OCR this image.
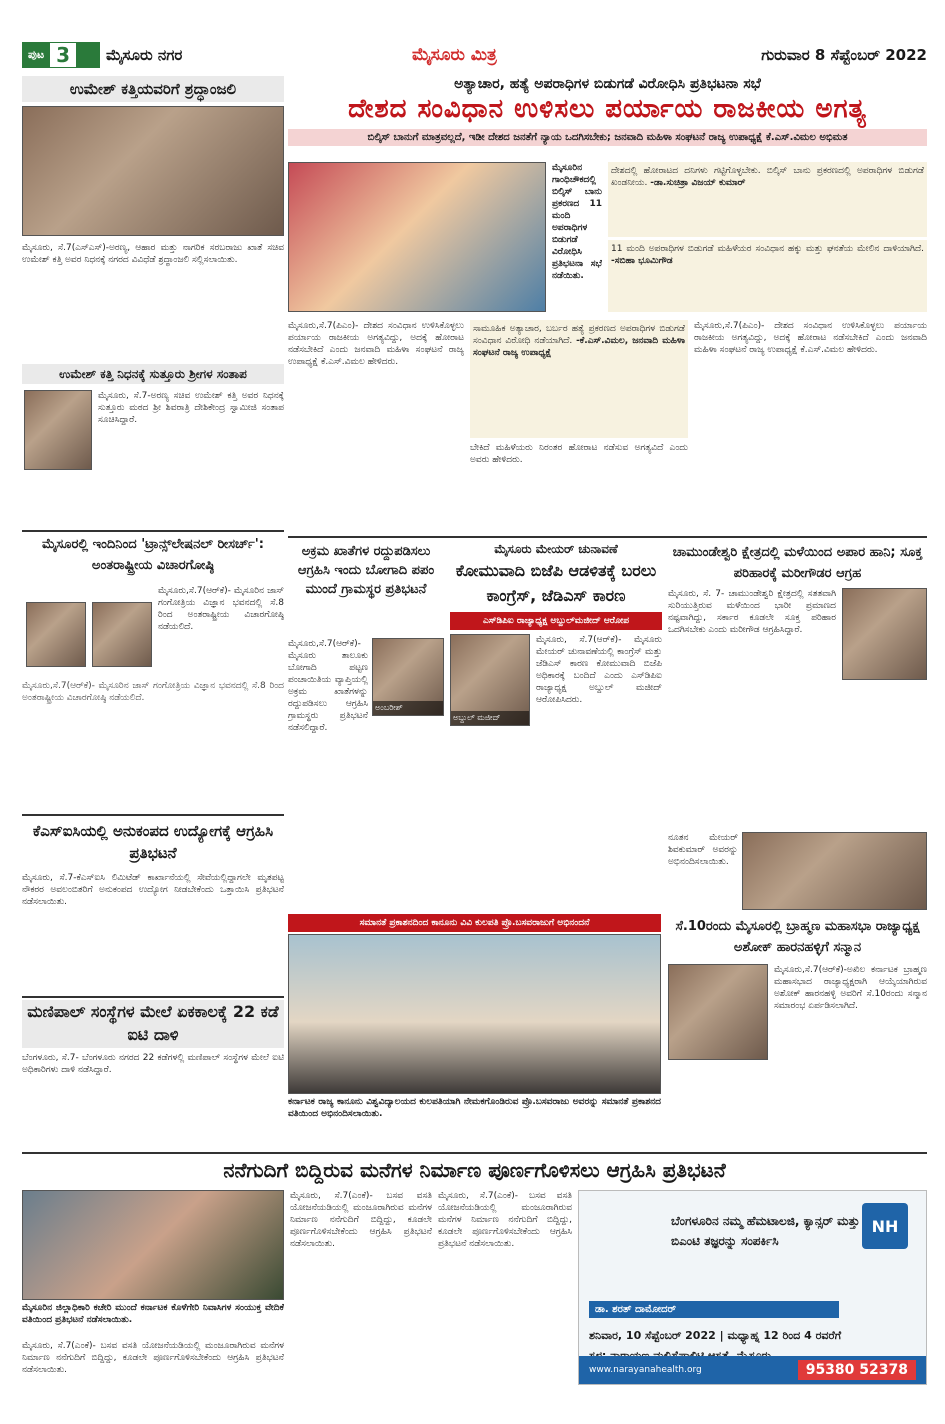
ಪುಟ 3	ಮೈಸೂರು ನಗರ	ಮೈಸೂರು ಮಿತ್ರ	ಗುರುವಾರ 8 ಸೆಪ್ಟೆಂಬರ್ 2022
ಉಮೇಶ್ ಕತ್ತಿಯವರಿಗೆ ಶ್ರದ್ಧಾಂಜಲಿ
ಮೈಸೂರು, ಸೆ.7(ಎಸ್‌ಎಸ್‌)-ಅರಣ್ಯ, ಆಹಾರ ಮತ್ತು ನಾಗರಿಕ ಸರಬರಾಜು ಖಾತೆ ಸಚಿವ ಉಮೇಶ್ ಕತ್ತಿ ಅವರ ನಿಧನಕ್ಕೆ ನಗರದ ವಿವಿಧೆಡೆ ಶ್ರದ್ಧಾಂಜಲಿ ಸಲ್ಲಿಸಲಾಯಿತು.
ಉಮೇಶ್ ಕತ್ತಿ ನಿಧನಕ್ಕೆ ಸುತ್ತೂರು ಶ್ರೀಗಳ ಸಂತಾಪ
ಮೈಸೂರು, ಸೆ.7-ಅರಣ್ಯ ಸಚಿವ ಉಮೇಶ್ ಕತ್ತಿ ಅವರ ನಿಧನಕ್ಕೆ ಸುತ್ತೂರು ಮಠದ ಶ್ರೀ ಶಿವರಾತ್ರಿ ದೇಶಿಕೇಂದ್ರ ಸ್ವಾಮೀಜಿ ಸಂತಾಪ ಸೂಚಿಸಿದ್ದಾರೆ.
ಮೈಸೂರಲ್ಲಿ ಇಂದಿನಿಂದ 'ಟ್ರಾನ್ಸ್‌ಲೇಷನಲ್ ರೀಸರ್ಚ್': ಅಂತರಾಷ್ಟ್ರೀಯ ವಿಚಾರಗೋಷ್ಠಿ
ಮೈಸೂರು,ಸೆ.7(ಆರ್‌ಕೆ)- ಮೈಸೂರಿನ ಜಾಸ್ ಗಂಗೋತ್ರಿಯ ವಿಜ್ಞಾನ ಭವನದಲ್ಲಿ ಸೆ.8 ರಿಂದ ಅಂತರಾಷ್ಟ್ರೀಯ ವಿಚಾರಗೋಷ್ಠಿ ನಡೆಯಲಿದೆ.
ಮೈಸೂರು,ಸೆ.7(ಆರ್‌ಕೆ)- ಮೈಸೂರಿನ ಜಾಸ್ ಗಂಗೋತ್ರಿಯ ವಿಜ್ಞಾನ ಭವನದಲ್ಲಿ ಸೆ.8 ರಿಂದ ಅಂತರಾಷ್ಟ್ರೀಯ ವಿಚಾರಗೋಷ್ಠಿ ನಡೆಯಲಿದೆ.
ಕೆಎಸ್‌ಐಸಿಯಲ್ಲಿ ಅನುಕಂಪದ ಉದ್ಯೋಗಕ್ಕೆ ಆಗ್ರಹಿಸಿ ಪ್ರತಿಭಟನೆ
ಮೈಸೂರು, ಸೆ.7-ಕೆಎಸ್‌ಐಸಿ ಲಿಮಿಟೆಡ್ ಕಾರ್ಖಾನೆಯಲ್ಲಿ ಸೇವೆಯಲ್ಲಿದ್ದಾಗಲೇ ಮೃತಪಟ್ಟ ನೌಕರರ ಅವಲಂಬಿತರಿಗೆ ಅನುಕಂಪದ ಉದ್ಯೋಗ ನೀಡಬೇಕೆಂದು ಒತ್ತಾಯಿಸಿ ಪ್ರತಿಭಟನೆ ನಡೆಸಲಾಯಿತು.
ಮಣಿಪಾಲ್ ಸಂಸ್ಥೆಗಳ ಮೇಲೆ ಏಕಕಾಲಕ್ಕೆ 22 ಕಡೆ ಐಟಿ ದಾಳಿ
ಬೆಂಗಳೂರು, ಸೆ.7- ಬೆಂಗಳೂರು ನಗರದ 22 ಕಡೆಗಳಲ್ಲಿ ಮಣಿಪಾಲ್ ಸಂಸ್ಥೆಗಳ ಮೇಲೆ ಐಟಿ ಅಧಿಕಾರಿಗಳು ದಾಳಿ ನಡೆಸಿದ್ದಾರೆ.
ಅತ್ಯಾಚಾರ, ಹತ್ಯೆ ಅಪರಾಧಿಗಳ ಬಿಡುಗಡೆ ವಿರೋಧಿಸಿ ಪ್ರತಿಭಟನಾ ಸಭೆ
ದೇಶದ ಸಂವಿಧಾನ ಉಳಿಸಲು ಪರ್ಯಾಯ ರಾಜಕೀಯ ಅಗತ್ಯ
ಬಿಲ್ಕಿಸ್ ಬಾನುಗೆ ಮಾತ್ರವಲ್ಲದೆ, ಇಡೀ ದೇಶದ ಜನತೆಗೆ ನ್ಯಾಯ ಒದಗಿಸಬೇಕು; ಜನವಾದಿ ಮಹಿಳಾ ಸಂಘಟನೆ ರಾಜ್ಯ ಉಪಾಧ್ಯಕ್ಷೆ ಕೆ.ಎಸ್.ವಿಮಲ ಅಭಿಮತ
ಮೈಸೂರಿನ ಗಾಂಧಿಚೌಕದಲ್ಲಿ ಬಿಲ್ಕಿಸ್ ಬಾನು ಪ್ರಕರಣದ 11 ಮಂದಿ ಅಪರಾಧಿಗಳ ಬಿಡುಗಡೆ ವಿರೋಧಿಸಿ ಪ್ರತಿಭಟನಾ ಸಭೆ ನಡೆಯಿತು.
ದೇಶದಲ್ಲಿ ಹೋರಾಟದ ದನಿಗಳು ಗಟ್ಟಿಗೊಳ್ಳಬೇಕು. ಬಿಲ್ಕಿಸ್ ಬಾನು ಪ್ರಕರಣದಲ್ಲಿ ಅಪರಾಧಿಗಳ ಬಿಡುಗಡೆ ಖಂಡನೀಯ. -ಡಾ.ಸುಚಿತ್ರಾ ವಿಜಯ್ ಕುಮಾರ್
11 ಮಂದಿ ಅಪರಾಧಿಗಳ ಬಿಡುಗಡೆ ಮಹಿಳೆಯರ ಸಂವಿಧಾನ ಹಕ್ಕು ಮತ್ತು ಘನತೆಯ ಮೇಲಿನ ದಾಳಿಯಾಗಿದೆ. -ಸಬಿಹಾ ಭೂಮಿಗೌಡ
ಮೈಸೂರು,ಸೆ.7(ಪಿಎಂ)- ದೇಶದ ಸಂವಿಧಾನ ಉಳಿಸಿಕೊಳ್ಳಲು ಪರ್ಯಾಯ ರಾಜಕೀಯ ಅಗತ್ಯವಿದ್ದು, ಅದಕ್ಕೆ ಹೋರಾಟ ನಡೆಸಬೇಕಿದೆ ಎಂದು ಜನವಾದಿ ಮಹಿಳಾ ಸಂಘಟನೆ ರಾಜ್ಯ ಉಪಾಧ್ಯಕ್ಷೆ ಕೆ.ಎಸ್.ವಿಮಲ ಹೇಳಿದರು.
ಸಾಮೂಹಿಕ ಅತ್ಯಾಚಾರ, ಬರ್ಬರ ಹತ್ಯೆ ಪ್ರಕರಣದ ಅಪರಾಧಿಗಳ ಬಿಡುಗಡೆ ಸಂವಿಧಾನ ವಿರೋಧಿ ನಡೆಯಾಗಿದೆ. -ಕೆ.ಎಸ್.ವಿಮಲ, ಜನವಾದಿ ಮಹಿಳಾ ಸಂಘಟನೆ ರಾಜ್ಯ ಉಪಾಧ್ಯಕ್ಷೆ
ಬೇಕಿದೆ ಮಹಿಳೆಯರು ನಿರಂತರ ಹೋರಾಟ ನಡೆಸುವ ಅಗತ್ಯವಿದೆ ಎಂದು ಅವರು ಹೇಳಿದರು.
ಮೈಸೂರು,ಸೆ.7(ಪಿಎಂ)- ದೇಶದ ಸಂವಿಧಾನ ಉಳಿಸಿಕೊಳ್ಳಲು ಪರ್ಯಾಯ ರಾಜಕೀಯ ಅಗತ್ಯವಿದ್ದು, ಅದಕ್ಕೆ ಹೋರಾಟ ನಡೆಸಬೇಕಿದೆ ಎಂದು ಜನವಾದಿ ಮಹಿಳಾ ಸಂಘಟನೆ ರಾಜ್ಯ ಉಪಾಧ್ಯಕ್ಷೆ ಕೆ.ಎಸ್.ವಿಮಲ ಹೇಳಿದರು.
ಅಕ್ರಮ ಖಾತೆಗಳ ರದ್ದುಪಡಿಸಲು ಆಗ್ರಹಿಸಿ ಇಂದು ಬೋಗಾದಿ ಪಪಂ ಮುಂದೆ ಗ್ರಾಮಸ್ಥರ ಪ್ರತಿಭಟನೆ
ಅಂಬರೀಶ್
ಮೈಸೂರು,ಸೆ.7(ಆರ್‌ಕೆ)-ಮೈಸೂರು ತಾಲೂಕು ಬೋಗಾದಿ ಪಟ್ಟಣ ಪಂಚಾಯಿತಿಯ ವ್ಯಾಪ್ತಿಯಲ್ಲಿ ಅಕ್ರಮ ಖಾತೆಗಳನ್ನು ರದ್ದುಪಡಿಸಲು ಆಗ್ರಹಿಸಿ ಗ್ರಾಮಸ್ಥರು ಪ್ರತಿಭಟನೆ ನಡೆಸಲಿದ್ದಾರೆ.
ಮೈಸೂರು ಮೇಯರ್ ಚುನಾವಣೆ
ಕೋಮುವಾದಿ ಬಿಜೆಪಿ ಆಡಳಿತಕ್ಕೆ ಬರಲು ಕಾಂಗ್ರೆಸ್, ಜೆಡಿಎಸ್ ಕಾರಣ
ಎಸ್‌ಡಿಪಿಐ ರಾಜ್ಯಾಧ್ಯಕ್ಷ ಅಬ್ದುಲ್‌ಮಜೀದ್ ಆರೋಪ
ಅಬ್ದುಲ್ ಮಜೀದ್
ಮೈಸೂರು, ಸೆ.7(ಆರ್‌ಕೆ)- ಮೈಸೂರು ಮೇಯರ್ ಚುನಾವಣೆಯಲ್ಲಿ ಕಾಂಗ್ರೆಸ್ ಮತ್ತು ಜೆಡಿಎಸ್ ಕಾರಣ ಕೋಮುವಾದಿ ಬಿಜೆಪಿ ಅಧಿಕಾರಕ್ಕೆ ಬಂದಿದೆ ಎಂದು ಎಸ್‌ಡಿಪಿಐ ರಾಜ್ಯಾಧ್ಯಕ್ಷ ಅಬ್ದುಲ್ ಮಜೀದ್ ಆರೋಪಿಸಿದರು.
ಚಾಮುಂಡೇಶ್ವರಿ ಕ್ಷೇತ್ರದಲ್ಲಿ ಮಳೆಯಿಂದ ಅಪಾರ ಹಾನಿ; ಸೂಕ್ತ ಪರಿಹಾರಕ್ಕೆ ಮರೀಗೌಡರ ಆಗ್ರಹ
ಮೈಸೂರು, ಸೆ. 7- ಚಾಮುಂಡೇಶ್ವರಿ ಕ್ಷೇತ್ರದಲ್ಲಿ ಸತತವಾಗಿ ಸುರಿಯುತ್ತಿರುವ ಮಳೆಯಿಂದ ಭಾರೀ ಪ್ರಮಾಣದ ನಷ್ಟವಾಗಿದ್ದು, ಸರ್ಕಾರ ಕೂಡಲೇ ಸೂಕ್ತ ಪರಿಹಾರ ಒದಗಿಸಬೇಕು ಎಂದು ಮರೀಗೌಡ ಆಗ್ರಹಿಸಿದ್ದಾರೆ.
ನೂತನ ಮೇಯರ್ ಶಿವಕುಮಾರ್ ಅವರನ್ನು ಅಭಿನಂದಿಸಲಾಯಿತು.
ಸಮಾನತೆ ಪ್ರಕಾಶನದಿಂದ ಕಾನೂನು ವಿವಿ ಕುಲಪತಿ ಪ್ರೊ.ಬಸವರಾಜುಗೆ ಅಭಿನಂದನೆ
ಕರ್ನಾಟಕ ರಾಜ್ಯ ಕಾನೂನು ವಿಶ್ವವಿದ್ಯಾಲಯದ ಕುಲಪತಿಯಾಗಿ ನೇಮಕಗೊಂಡಿರುವ ಪ್ರೊ.ಬಸವರಾಜು ಅವರನ್ನು ಸಮಾನತೆ ಪ್ರಕಾಶನದ ವತಿಯಿಂದ ಅಭಿನಂದಿಸಲಾಯಿತು.
ಸೆ.10ರಂದು ಮೈಸೂರಲ್ಲಿ ಬ್ರಾಹ್ಮಣ ಮಹಾಸಭಾ ರಾಜ್ಯಾಧ್ಯಕ್ಷ ಅಶೋಕ್ ಹಾರನಹಳ್ಳಿಗೆ ಸನ್ಮಾನ
ಮೈಸೂರು,ಸೆ.7(ಆರ್‌ಕೆ)-ಅಖಿಲ ಕರ್ನಾಟಕ ಬ್ರಾಹ್ಮಣ ಮಹಾಸಭಾದ ರಾಜ್ಯಾಧ್ಯಕ್ಷರಾಗಿ ಆಯ್ಕೆಯಾಗಿರುವ ಅಶೋಕ್ ಹಾರನಹಳ್ಳಿ ಅವರಿಗೆ ಸೆ.10ರಂದು ಸನ್ಮಾನ ಸಮಾರಂಭ ಏರ್ಪಡಿಸಲಾಗಿದೆ.
ನನೆಗುದಿಗೆ ಬಿದ್ದಿರುವ ಮನೆಗಳ ನಿರ್ಮಾಣ ಪೂರ್ಣಗೊಳಿಸಲು ಆಗ್ರಹಿಸಿ ಪ್ರತಿಭಟನೆ
ಮೈಸೂರಿನ ಜಿಲ್ಲಾಧಿಕಾರಿ ಕಚೇರಿ ಮುಂದೆ ಕರ್ನಾಟಕ ಕೊಳೆಗೇರಿ ನಿವಾಸಿಗಳ ಸಂಯುಕ್ತ ವೇದಿಕೆ ವತಿಯಿಂದ ಪ್ರತಿಭಟನೆ ನಡೆಸಲಾಯಿತು.
ಮೈಸೂರು, ಸೆ.7(ಎಂಕೆ)- ಬಸವ ವಸತಿ ಯೋಜನೆಯಡಿಯಲ್ಲಿ ಮಂಜೂರಾಗಿರುವ ಮನೆಗಳ ನಿರ್ಮಾಣ ನನೆಗುದಿಗೆ ಬಿದ್ದಿದ್ದು, ಕೂಡಲೇ ಪೂರ್ಣಗೊಳಿಸಬೇಕೆಂದು ಆಗ್ರಹಿಸಿ ಪ್ರತಿಭಟನೆ ನಡೆಸಲಾಯಿತು.
ಮೈಸೂರು, ಸೆ.7(ಎಂಕೆ)- ಬಸವ ವಸತಿ ಯೋಜನೆಯಡಿಯಲ್ಲಿ ಮಂಜೂರಾಗಿರುವ ಮನೆಗಳ ನಿರ್ಮಾಣ ನನೆಗುದಿಗೆ ಬಿದ್ದಿದ್ದು, ಕೂಡಲೇ ಪೂರ್ಣಗೊಳಿಸಬೇಕೆಂದು ಆಗ್ರಹಿಸಿ ಪ್ರತಿಭಟನೆ ನಡೆಸಲಾಯಿತು.
ಮೈಸೂರು, ಸೆ.7(ಎಂಕೆ)- ಬಸವ ವಸತಿ ಯೋಜನೆಯಡಿಯಲ್ಲಿ ಮಂಜೂರಾಗಿರುವ ಮನೆಗಳ ನಿರ್ಮಾಣ ನನೆಗುದಿಗೆ ಬಿದ್ದಿದ್ದು, ಕೂಡಲೇ ಪೂರ್ಣಗೊಳಿಸಬೇಕೆಂದು ಆಗ್ರಹಿಸಿ ಪ್ರತಿಭಟನೆ ನಡೆಸಲಾಯಿತು.
NH
ಬೆಂಗಳೂರಿನ ನಮ್ಮ ಹೆಮಟಾಲಜಿ, ಕ್ಯಾನ್ಸರ್ ಮತ್ತು ಬಿಎಂಟಿ ತಜ್ಞರನ್ನು ಸಂಪರ್ಕಿಸಿ
ಡಾ. ಶರತ್ ದಾಮೋದರ್
ಶನಿವಾರ, 10 ಸೆಪ್ಟೆಂಬರ್ 2022 | ಮಧ್ಯಾಹ್ನ 12 ರಿಂದ 4 ರವರೆಗೆ
www.narayanahealth.org	95380 52378
